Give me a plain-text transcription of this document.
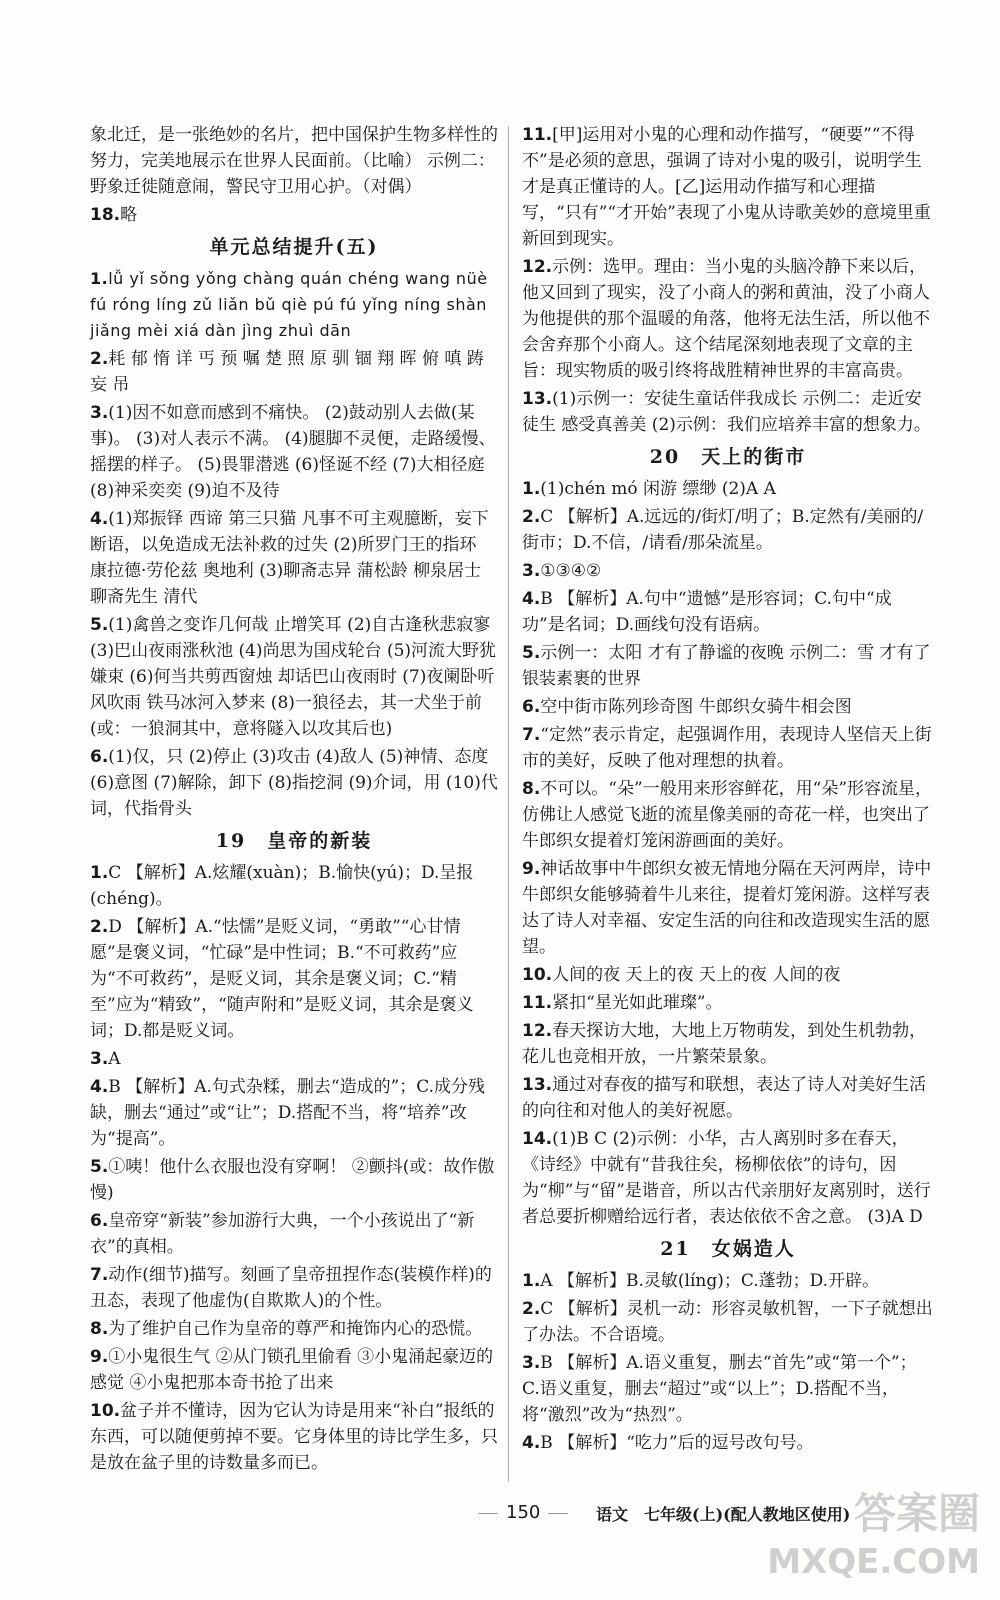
象北迁，是一张绝妙的名片，把中国保护生物多样性的努力，完美地展示在世界人民面前。（比喻） 示例二：野象迁徙随意闹，警民守卫用心护。（对偶）
18.略
单元总结提升(五)
1.lǚ yǐ sǒng yǒng chàng quán chéng wang nüè fú róng líng zǔ liǎn bǔ qiè pú fú yǐng níng shàn jiǎng mèi xiá dàn jìng zhuì dān
2.耗 郁 惰 详 丐 预 嘱 楚 照 原 驯 锢 翔 晖 俯 嗔 踌 妄 吊
3.(1)因不如意而感到不痛快。 (2)鼓动别人去做(某事)。 (3)对人表示不满。 (4)腿脚不灵便，走路缓慢、摇摆的样子。 (5)畏罪潜逃 (6)怪诞不经 (7)大相径庭 (8)神采奕奕 (9)迫不及待
4.(1)郑振铎 西谛 第三只猫 凡事不可主观臆断，妄下断语，以免造成无法补救的过失 (2)所罗门王的指环 康拉德·劳伦兹 奥地利 (3)聊斋志异 蒲松龄 柳泉居士 聊斋先生 清代
5.(1)禽兽之变诈几何哉 止增笑耳 (2)自古逢秋悲寂寥 (3)巴山夜雨涨秋池 (4)尚思为国戍轮台 (5)河流大野犹嫌束 (6)何当共剪西窗烛 却话巴山夜雨时 (7)夜阑卧听风吹雨 铁马冰河入梦来 (8)一狼径去，其一犬坐于前(或：一狼洞其中，意将隧入以攻其后也)
6.(1)仅，只 (2)停止 (3)攻击 (4)敌人 (5)神情、态度 (6)意图 (7)解除，卸下 (8)指挖洞 (9)介词，用 (10)代词，代指骨头
19　皇帝的新装
1.C 【解析】A.炫耀(xuàn)；B.愉快(yú)；D.呈报(chéng)。
2.D 【解析】A.“怯懦”是贬义词，“勇敢”“心甘情愿”是褒义词，“忙碌”是中性词；B.“不可救药”应为“不可救药”，是贬义词，其余是褒义词；C.“精至”应为“精致”，“随声附和”是贬义词，其余是褒义词；D.都是贬义词。
3.A
4.B 【解析】A.句式杂糅，删去“造成的”；C.成分残缺，删去“通过”或“让”；D.搭配不当，将“培养”改为“提高”。
5.①咦！他什么衣服也没有穿啊！ ②颤抖(或：故作傲慢)
6.皇帝穿“新装”参加游行大典，一个小孩说出了“新衣”的真相。
7.动作(细节)描写。刻画了皇帝扭捏作态(装模作样)的丑态，表现了他虚伪(自欺欺人)的个性。
8.为了维护自己作为皇帝的尊严和掩饰内心的恐慌。
9.①小鬼很生气 ②从门锁孔里偷看 ③小鬼涌起豪迈的感觉 ④小鬼把那本奇书抢了出来
10.盆子并不懂诗，因为它认为诗是用来“补白”报纸的东西，可以随便剪掉不要。它身体里的诗比学生多，只是放在盆子里的诗数量多而已。
11.[甲]运用对小鬼的心理和动作描写，“硬要”“不得不”是必须的意思，强调了诗对小鬼的吸引，说明学生才是真正懂诗的人。[乙]运用动作描写和心理描写，“只有”“才开始”表现了小鬼从诗歌美妙的意境里重新回到现实。
12.示例：选甲。理由：当小鬼的头脑冷静下来以后，他又回到了现实，没了小商人的粥和黄油，没了小商人为他提供的那个温暖的角落，他将无法生活，所以他不会舍弃那个小商人。这个结尾深刻地表现了文章的主旨：现实物质的吸引终将战胜精神世界的丰富高贵。
13.(1)示例一：安徒生童话伴我成长 示例二：走近安徒生 感受真善美 (2)示例：我们应培养丰富的想象力。
20　天上的街市
1.(1)chén mó 闲游 缥缈 (2)A A
2.C 【解析】A.远远的/街灯/明了；B.定然有/美丽的/街市；D.不信，/请看/那朵流星。
3.①③④②
4.B 【解析】A.句中“遗憾”是形容词；C.句中“成功”是名词；D.画线句没有语病。
5.示例一：太阳 才有了静谧的夜晚 示例二：雪 才有了银装素裹的世界
6.空中街市陈列珍奇图 牛郎织女骑牛相会图
7.“定然”表示肯定，起强调作用，表现诗人坚信天上街市的美好，反映了他对理想的执着。
8.不可以。“朵”一般用来形容鲜花，用“朵”形容流星，仿佛让人感觉飞逝的流星像美丽的奇花一样，也突出了牛郎织女提着灯笼闲游画面的美好。
9.神话故事中牛郎织女被无情地分隔在天河两岸，诗中牛郎织女能够骑着牛儿来往，提着灯笼闲游。这样写表达了诗人对幸福、安定生活的向往和改造现实生活的愿望。
10.人间的夜 天上的夜 天上的夜 人间的夜
11.紧扣“星光如此璀璨”。
12.春天探访大地，大地上万物萌发，到处生机勃勃，花儿也竞相开放，一片繁荣景象。
13.通过对春夜的描写和联想，表达了诗人对美好生活的向往和对他人的美好祝愿。
14.(1)B C (2)示例：小华，古人离别时多在春天，《诗经》中就有“昔我往矣，杨柳依依”的诗句，因为“柳”与“留”是谐音，所以古代亲朋好友离别时，送行者总要折柳赠给远行者，表达依依不舍之意。 (3)A D
21　女娲造人
1.A 【解析】B.灵敏(líng)；C.蓬勃；D.开辟。
2.C 【解析】灵机一动：形容灵敏机智，一下子就想出了办法。不合语境。
3.B 【解析】A.语义重复，删去“首先”或“第一个”；C.语义重复，删去“超过”或“以上”；D.搭配不当，将“激烈”改为“热烈”。
4.B 【解析】“吃力”后的逗号改句号。
150	语文　七年级(上)(配人教地区使用) 答案圈
MXQE.COM
